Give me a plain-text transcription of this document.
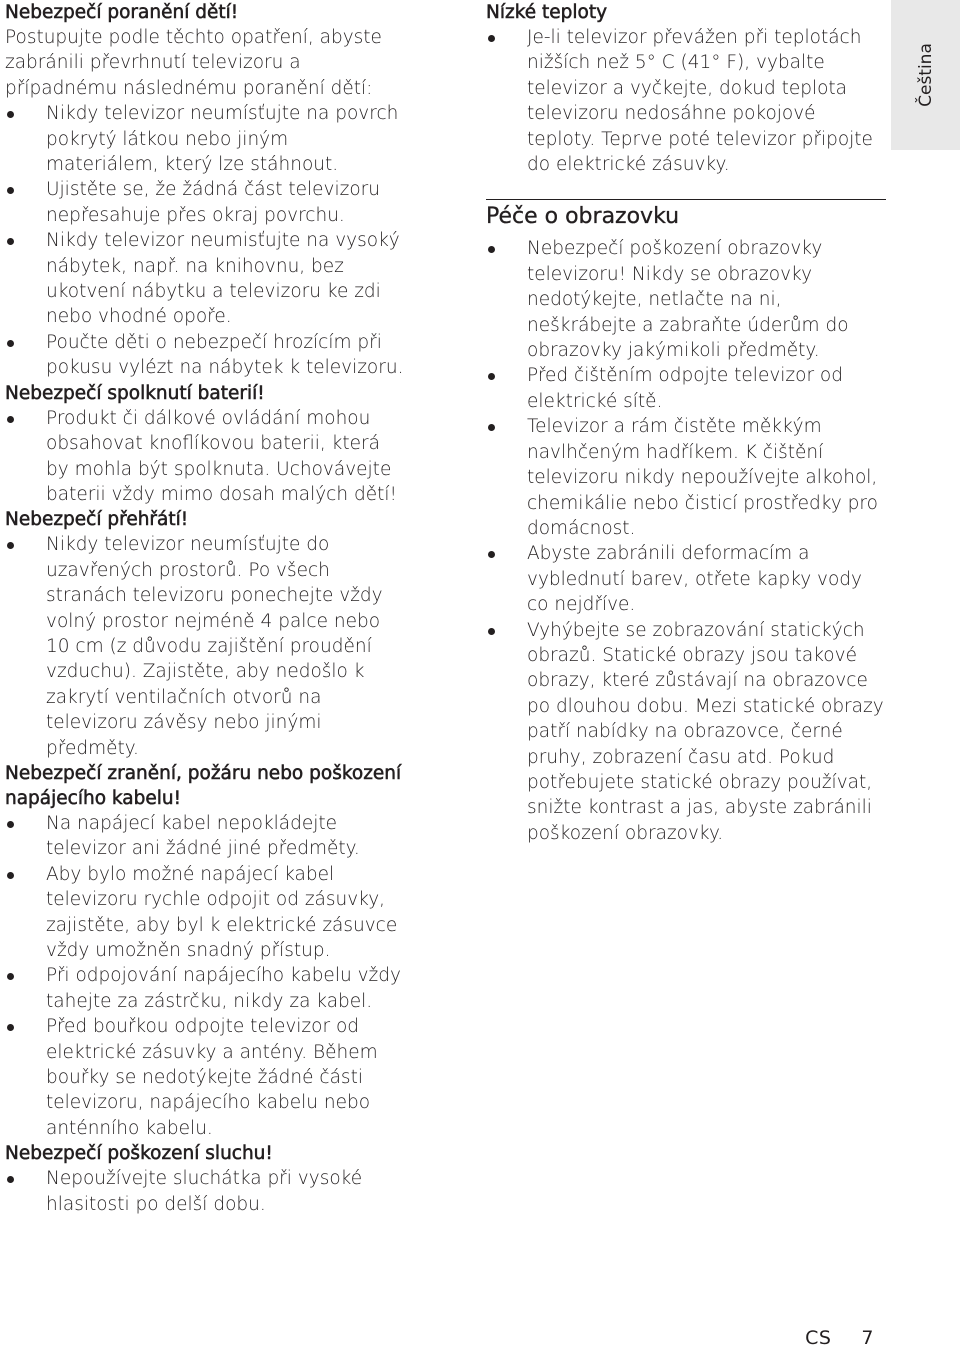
Nebezpečí poranění dětí!

Postupujte podle těchto opatření, abyste zabránili převrhnutí televizoru a případnému následnému poranění dětí:

Nikdy televizor neumísťujte na povrch pokrytý látkou nebo jiným materiálem, který lze stáhnout.
Ujistěte se, že žádná část televizoru nepřesahuje přes okraj povrchu.
Nikdy televizor neumisťujte na vysoký nábytek, např. na knihovnu, bez ukotvení nábytku a televizoru ke zdi nebo vhodné opoře.
Poučte děti o nebezpečí hrozícím při pokusu vylézt na nábytek k televizoru.

Nebezpečí spolknutí baterií!

Produkt či dálkové ovládání mohou obsahovat knoflíkovou baterii, která by mohla být spolknuta. Uchovávejte baterii vždy mimo dosah malých dětí!

Nebezpečí přehřátí!

Nikdy televizor neumísťujte do uzavřených prostorů. Po všech stranách televizoru ponechejte vždy volný prostor nejméně 4 palce nebo 10 cm (z důvodu zajištění proudění vzduchu). Zajistěte, aby nedošlo k zakrytí ventilačních otvorů na televizoru závěsy nebo jinými předměty.

Nebezpečí zranění, požáru nebo poškození napájecího kabelu!

Na napájecí kabel nepokládejte televizor ani žádné jiné předměty.
Aby bylo možné napájecí kabel televizoru rychle odpojit od zásuvky, zajistěte, aby byl k elektrické zásuvce vždy umožněn snadný přístup.
Při odpojování napájecího kabelu vždy tahejte za zástrčku, nikdy za kabel.
Před bouřkou odpojte televizor od elektrické zásuvky a antény. Během bouřky se nedotýkejte žádné části televizoru, napájecího kabelu nebo anténního kabelu.

Nebezpečí poškození sluchu!

Nepoužívejte sluchátka při vysoké hlasitosti po delší dobu.

Nízké teploty

Je-li televizor převážen při teplotách nižších než 5° C (41° F), vybalte televizor a vyčkejte, dokud teplota televizoru nedosáhne pokojové teploty. Teprve poté televizor připojte do elektrické zásuvky.

Péče o obrazovku

Nebezpečí poškození obrazovky televizoru! Nikdy se obrazovky nedotýkejte, netlačte na ni, neškrábejte a zabraňte úderům do obrazovky jakýmikoli předměty.
Před čištěním odpojte televizor od elektrické sítě.
Televizor a rám čistěte měkkým navlhčeným hadříkem. K čištění televizoru nikdy nepoužívejte alkohol, chemikálie nebo čisticí prostředky pro domácnost.
Abyste zabránili deformacím a vyblednutí barev, otřete kapky vody co nejdříve.
Vyhýbejte se zobrazování statických obrazů. Statické obrazy jsou takové obrazy, které zůstávají na obrazovce po dlouhou dobu. Mezi statické obrazy patří nabídky na obrazovce, černé pruhy, zobrazení času atd. Pokud potřebujete statické obrazy používat, snižte kontrast a jas, abyste zabránili poškození obrazovky.
Čeština
CS 7
